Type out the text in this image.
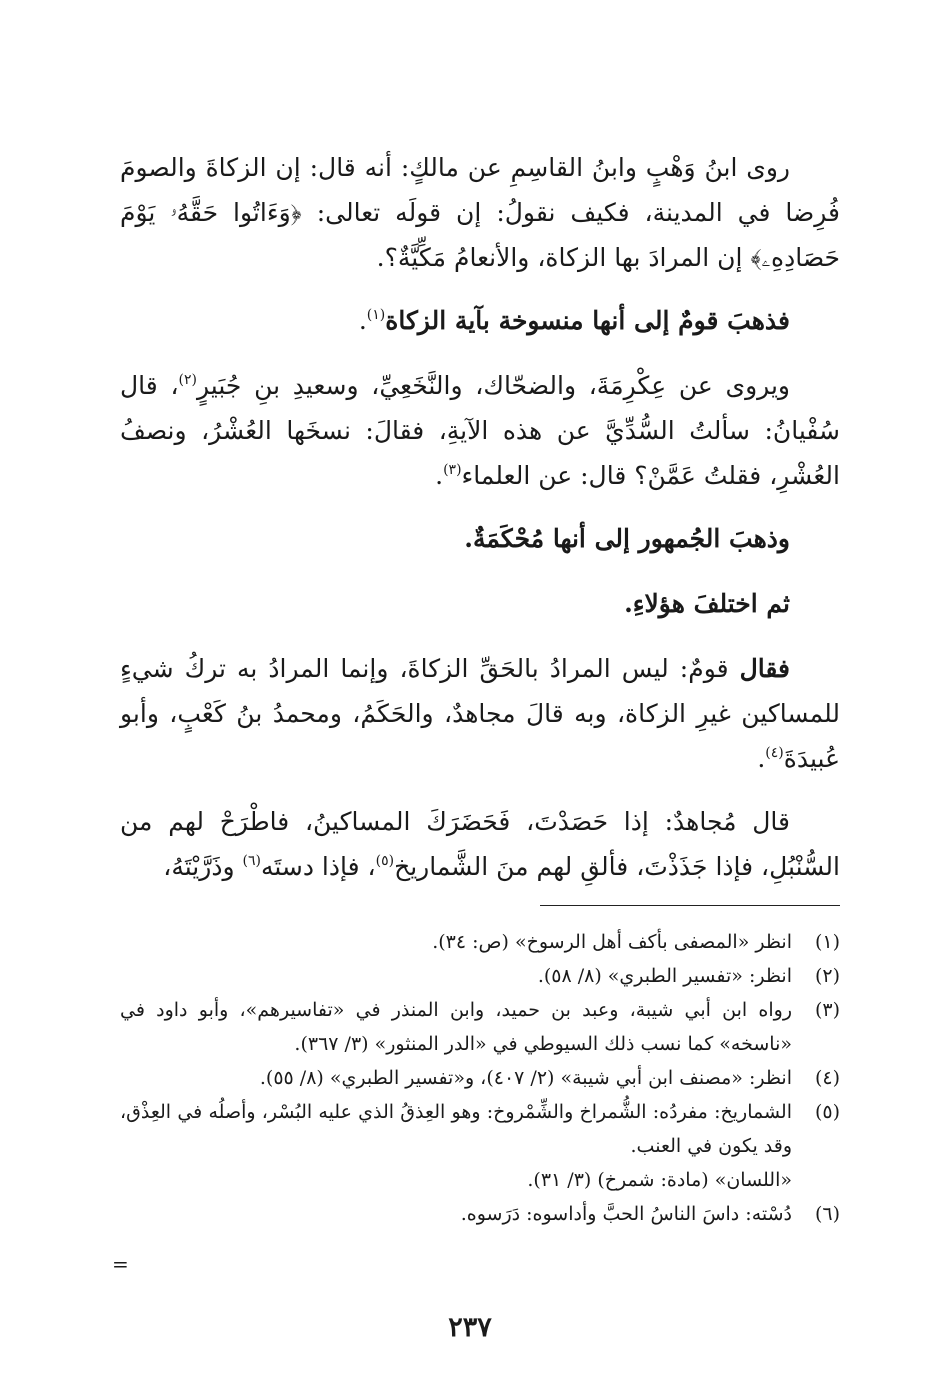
روى ابنُ وَهْبٍ وابنُ القاسِمِ عن مالكٍ: أنه قال: إن الزكاةَ والصومَ فُرِضا في المدينة، فكيف نقولُ: إن قولَه تعالى: ﴿وَءَاتُوا حَقَّهُۥ يَوْمَ حَصَادِهِۦ﴾ إن المرادَ بها الزكاة، والأنعامُ مَكِّيَّةٌ؟.

فذهبَ قومٌ إلى أنها منسوخة بآية الزكاة$^{(١)}$.

ويروى عن عِكْرِمَةَ، والضحّاك، والنَّخَعِيِّ، وسعيدِ بنِ جُبَيرٍ$^{(٢)}$، قال سُفْيانُ: سألتُ السُّدِّيَّ عن هذه الآيةِ، فقالَ: نسخَها العُشْرُ، ونصفُ العُشْرِ، فقلتُ عَمَّنْ؟ قال: عن العلماء$^{(٣)}$.

وذهبَ الجُمهور إلى أنها مُحْكَمَةٌ.

ثم اختلفَ هؤلاءِ.

فقال قومٌ: ليس المرادُ بالحَقِّ الزكاةَ، وإنما المرادُ به تركُ شيءٍ للمساكين غيرِ الزكاة، وبه قالَ مجاهدٌ، والحَكَمُ، ومحمدُ بنُ كَعْبٍ، وأبو عُبيدَةَ$^{(٤)}$.

قال مُجاهدٌ: إذا حَصَدْتَ، فَحَضَرَكَ المساكينُ، فاطْرَحْ لهم من السُّنْبُلِ، فإذا جَذَذْتَ، فألقِ لهم منَ الشَّماريخ$^{(٥)}$، فإذا دستَه$^{(٦)}$ وذَرَّيْتَهُ،

(١)
انظر «المصفى بأكف أهل الرسوخ» (ص: ٣٤).
(٢)
انظر: «تفسير الطبري» (٨/ ٥٨).
(٣)
رواه ابن أبي شيبة، وعبد بن حميد، وابن المنذر في «تفاسيرهم»، وأبو داود في «ناسخه» كما نسب ذلك السيوطي في «الدر المنثور» (٣/ ٣٦٧).
(٤)
انظر: «مصنف ابن أبي شيبة» (٢/ ٤٠٧)، و«تفسير الطبري» (٨/ ٥٥).
(٥)
الشماريخ: مفردُه: الشُّمراخ والشِّمْروخ: وهو العِذقُ الذي عليه البُسْر، وأصلُه في العِذْق، وقد يكون في العنب.
«اللسان» (مادة: شمرخ) (٣/ ٣١).
(٦)
دُسْته: داسَ الناسُ الحبَّ وأداسوه: دَرَسوه.
=
٢٣٧
